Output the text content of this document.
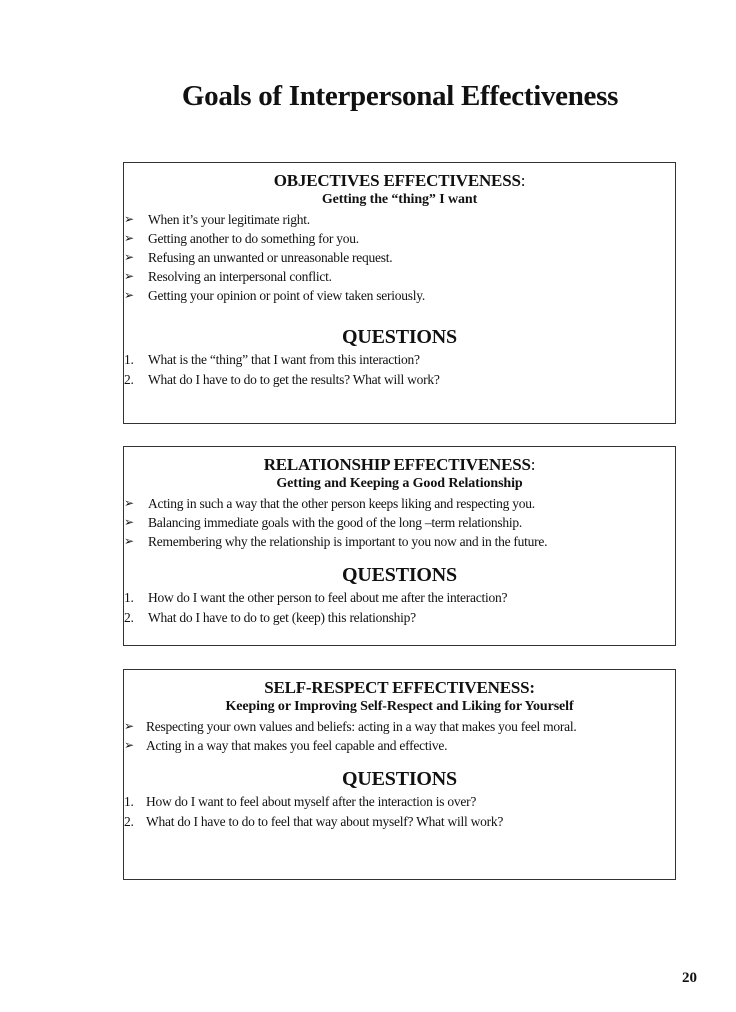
Goals of Interpersonal Effectiveness
OBJECTIVES EFFECTIVENESS:
Getting the “thing” I want
➢ When it’s your legitimate right.
➢ Getting another to do something for you.
➢ Refusing an unwanted or unreasonable request.
➢ Resolving an interpersonal conflict.
➢ Getting your opinion or point of view taken seriously.
QUESTIONS
1. What is the “thing” that I want from this interaction?
2. What do I have to do to get the results? What will work?
RELATIONSHIP EFFECTIVENESS:
Getting and Keeping a Good Relationship
➢ Acting in such a way that the other person keeps liking and respecting you.
➢ Balancing immediate goals with the good of the long –term relationship.
➢ Remembering why the relationship is important to you now and in the future.
QUESTIONS
1. How do I want the other person to feel about me after the interaction?
2. What do I have to do to get (keep) this relationship?
SELF-RESPECT EFFECTIVENESS:
Keeping or Improving Self-Respect and Liking for Yourself
➢ Respecting your own values and beliefs: acting in a way that makes you feel moral.
➢ Acting in a way that makes you feel capable and effective.
QUESTIONS
1. How do I want to feel about myself after the interaction is over?
2. What do I have to do to feel that way about myself? What will work?
20
